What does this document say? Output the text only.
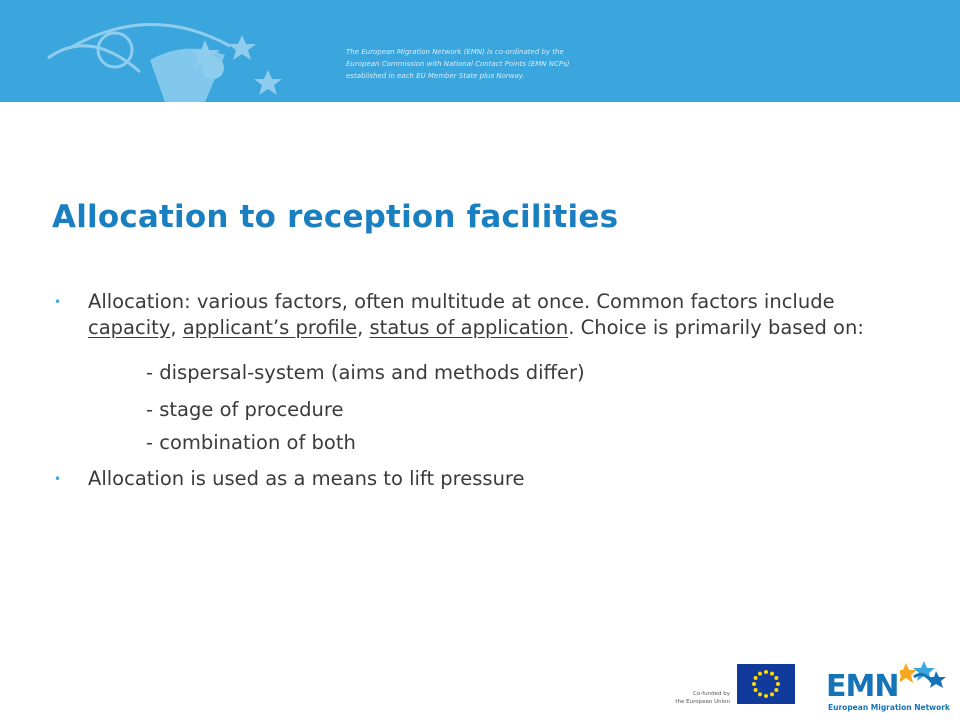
The European Migration Network (EMN) is co-ordinated by the
European Commission with National Contact Points (EMN NCPs)
established in each EU Member State plus Norway.
Allocation to reception facilities
• Allocation: various factors, often multitude at once. Common factors include capacity, applicant’s profile, status of application. Choice is primarily based on:
- dispersal-system (aims and methods differ)
- stage of procedure
- combination of both
• Allocation is used as a means to lift pressure
Co-funded by
the European Union	EMN
European Migration Network
